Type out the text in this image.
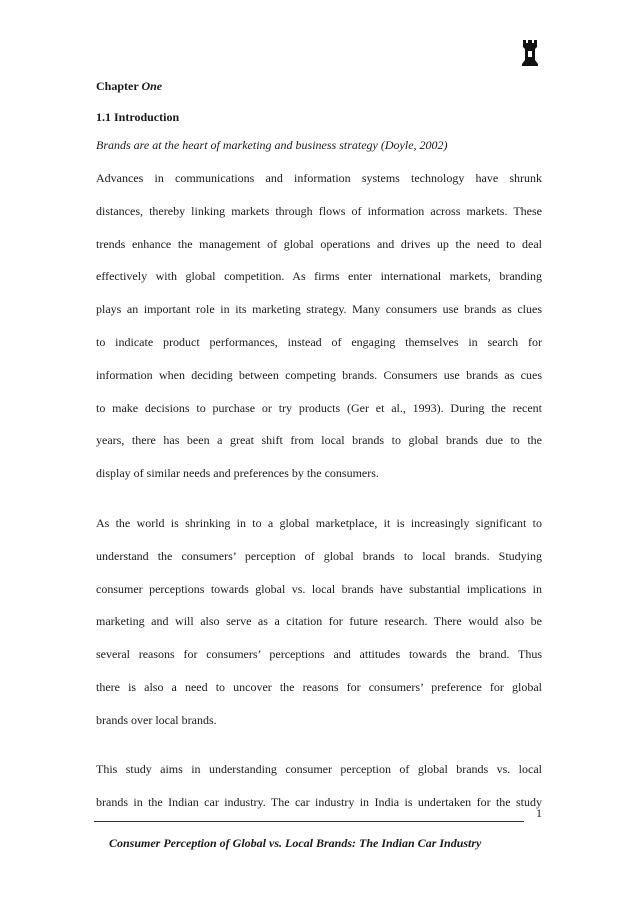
Chapter One
1.1 Introduction
Brands are at the heart of marketing and business strategy (Doyle, 2002)
Advances in communications and information systems technology have shrunk
distances, thereby linking markets through flows of information across markets. These
trends enhance the management of global operations and drives up the need to deal
effectively with global competition. As firms enter international markets, branding
plays an important role in its marketing strategy. Many consumers use brands as clues
to indicate product performances, instead of engaging themselves in search for
information when deciding between competing brands. Consumers use brands as cues
to make decisions to purchase or try products (Ger et al., 1993). During the recent
years, there has been a great shift from local brands to global brands due to the
display of similar needs and preferences by the consumers.
As the world is shrinking in to a global marketplace, it is increasingly significant to
understand the consumers’ perception of global brands to local brands. Studying
consumer perceptions towards global vs. local brands have substantial implications in
marketing and will also serve as a citation for future research. There would also be
several reasons for consumers’ perceptions and attitudes towards the brand. Thus
there is also a need to uncover the reasons for consumers’ preference for global
brands over local brands.
This study aims in understanding consumer perception of global brands vs. local
brands in the Indian car industry. The car industry in India is undertaken for the study
1
Consumer Perception of Global vs. Local Brands: The Indian Car Industry
